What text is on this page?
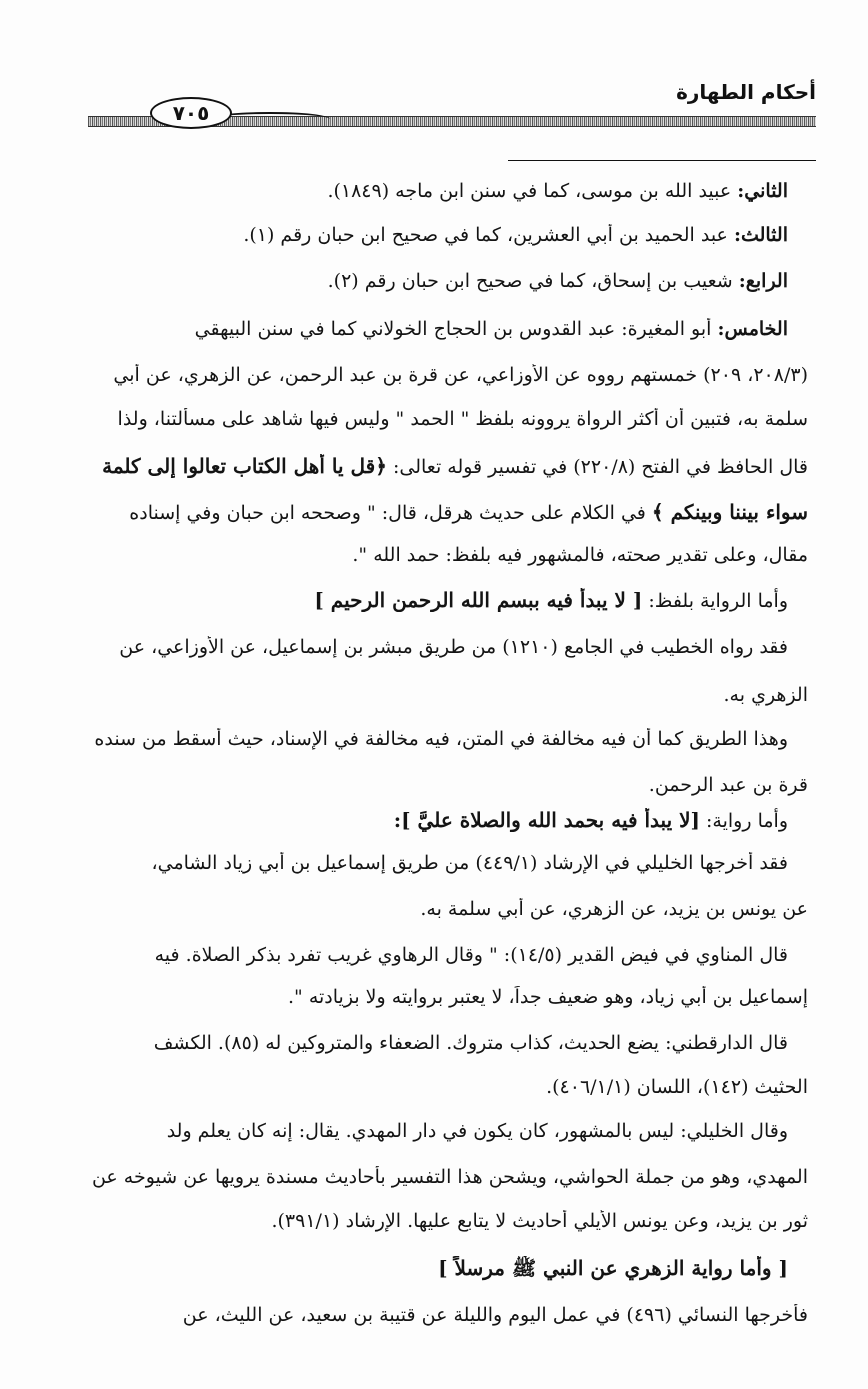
أحكام الطهارة
٧٠٥
الثاني: عبيد الله بن موسى، كما في سنن ابن ماجه (١٨٤٩).
الثالث: عبد الحميد بن أبي العشرين، كما في صحيح ابن حبان رقم (١).
الرابع: شعيب بن إسحاق، كما في صحيح ابن حبان رقم (٢).
الخامس: أبو المغيرة: عبد القدوس بن الحجاج الخولاني كما في سنن البيهقي
(٢٠٨/٣، ٢٠٩) خمستهم رووه عن الأوزاعي، عن قرة بن عبد الرحمن، عن الزهري، عن أبي
سلمة به، فتبين أن أكثر الرواة يروونه بلفظ " الحمد " وليس فيها شاهد على مسألتنا، ولذا
قال الحافظ في الفتح (٢٢٠/٨) في تفسير قوله تعالى: ﴿قل يا أهل الكتاب تعالوا إلى كلمة
سواء بيننا وبينكم ﴾ في الكلام على حديث هرقل، قال: " وصححه ابن حبان وفي إسناده
مقال، وعلى تقدير صحته، فالمشهور فيه بلفظ: حمد الله ".
وأما الرواية بلفظ: [ لا يبدأ فيه ببسم الله الرحمن الرحيم ]
فقد رواه الخطيب في الجامع (١٢١٠) من طريق مبشر بن إسماعيل، عن الأوزاعي، عن
الزهري به.
وهذا الطريق كما أن فيه مخالفة في المتن، فيه مخالفة في الإسناد، حيث أسقط من سنده
قرة بن عبد الرحمن.
وأما رواية: [لا يبدأ فيه بحمد الله والصلاة عليَّ ]:
فقد أخرجها الخليلي في الإرشاد (٤٤٩/١) من طريق إسماعيل بن أبي زياد الشامي،
عن يونس بن يزيد، عن الزهري، عن أبي سلمة به.
قال المناوي في فيض القدير (١٤/٥): " وقال الرهاوي غريب تفرد بذكر الصلاة. فيه
إسماعيل بن أبي زياد، وهو ضعيف جداً، لا يعتبر بروايته ولا بزيادته ".
قال الدارقطني: يضع الحديث، كذاب متروك. الضعفاء والمتروكين له (٨٥). الكشف
الحثيث (١٤٢)، اللسان (٤٠٦/١/١).
وقال الخليلي: ليس بالمشهور، كان يكون في دار المهدي. يقال: إنه كان يعلم ولد
المهدي، وهو من جملة الحواشي، ويشحن هذا التفسير بأحاديث مسندة يرويها عن شيوخه عن
ثور بن يزيد، وعن يونس الأيلي أحاديث لا يتابع عليها. الإرشاد (٣٩١/١).
[ وأما رواية الزهري عن النبي ﷺ مرسلاً ]
فأخرجها النسائي (٤٩٦) في عمل اليوم والليلة عن قتيبة بن سعيد، عن الليث، عن
